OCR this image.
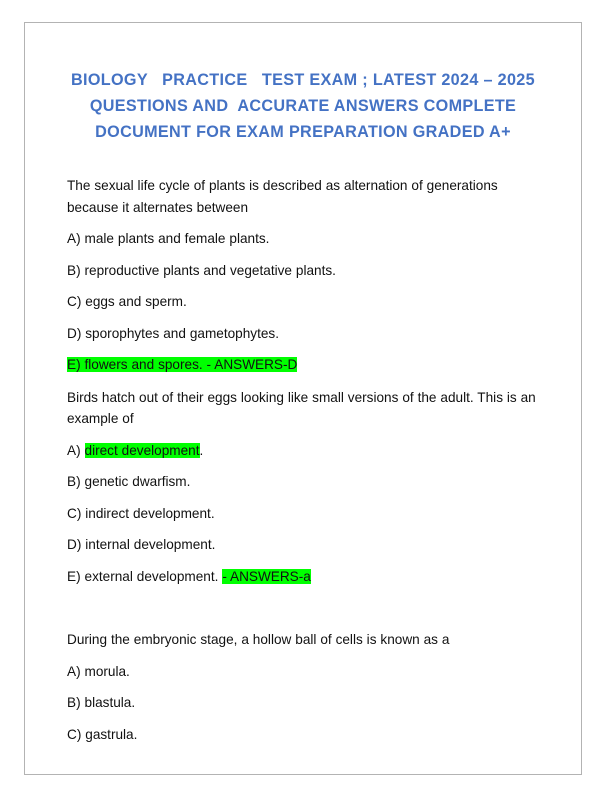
BIOLOGY   PRACTICE   TEST EXAM ; LATEST 2024 – 2025
QUESTIONS AND  ACCURATE ANSWERS COMPLETE
DOCUMENT FOR EXAM PREPARATION GRADED A+

The sexual life cycle of plants is described as alternation of generations because it alternates between

A) male plants and female plants.

B) reproductive plants and vegetative plants.

C) eggs and sperm.

D) sporophytes and gametophytes.

E) flowers and spores. - ANSWERS-D

Birds hatch out of their eggs looking like small versions of the adult. This is an example of

A) direct development.

B) genetic dwarfism.

C) indirect development.

D) internal development.

E) external development. - ANSWERS-a

During the embryonic stage, a hollow ball of cells is known as a

A) morula.

B) blastula.

C) gastrula.
